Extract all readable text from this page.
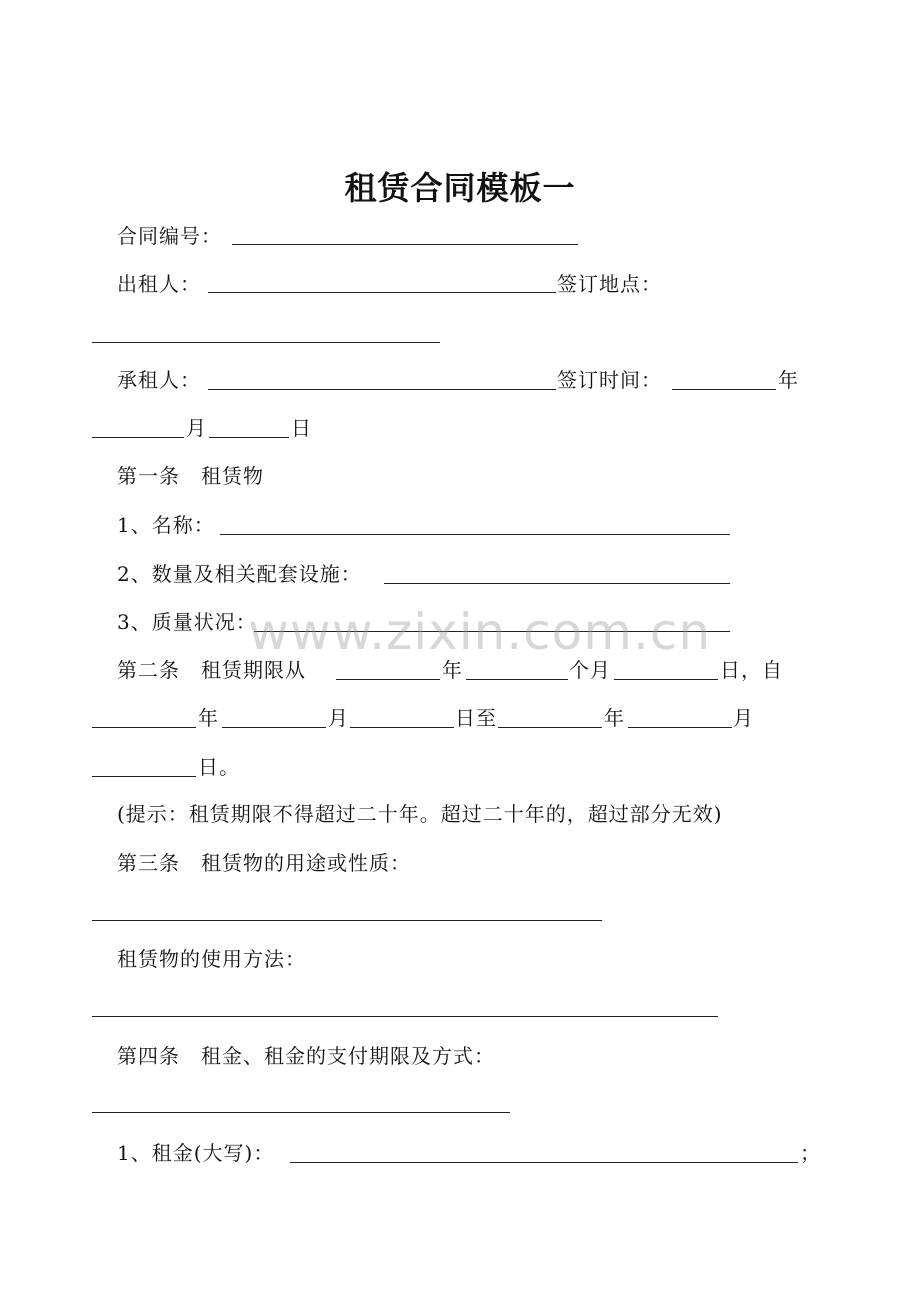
租赁合同模板一
合同编号：
出租人：	签订地点：
承租人：	签订时间：	年
月	日
第一条　租赁物
1、名称：
2、数量及相关配套设施：
3、质量状况：
第二条　租赁期限从	年	个月	日，自
年	月	日至	年	月
日。
(提示：租赁期限不得超过二十年。超过二十年的，超过部分无效)
第三条　租赁物的用途或性质：
租赁物的使用方法：
第四条　租金、租金的支付期限及方式：
1、租金(大写)：	；
www.zixin.com.cn
